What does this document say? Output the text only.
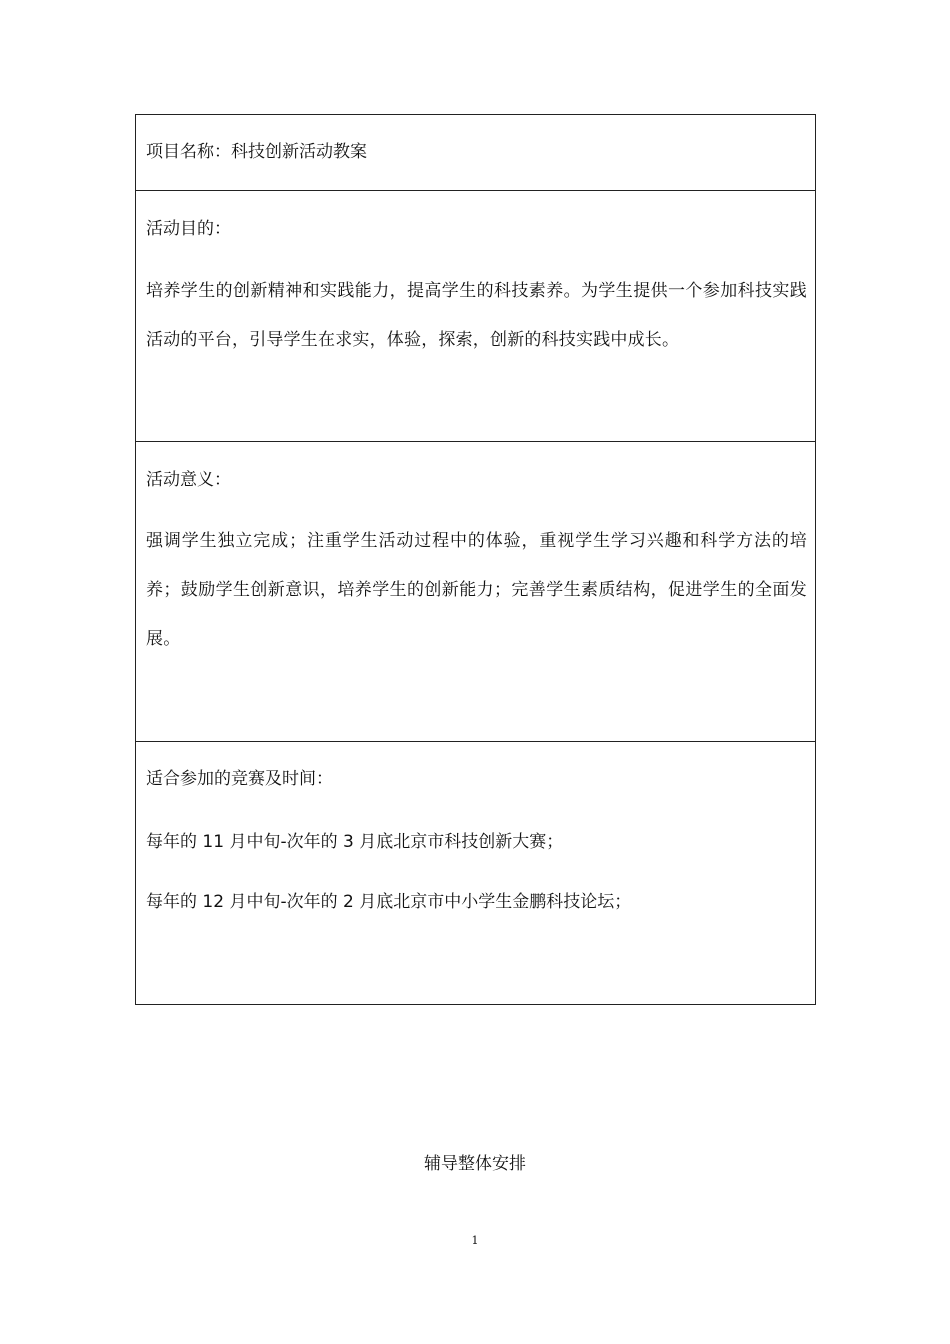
项目名称：科技创新活动教案
活动目的：
培养学生的创新精神和实践能力，提高学生的科技素养。为学生提供一个参加科技实践活动的平台，引导学生在求实，体验，探索，创新的科技实践中成长。
活动意义：
强调学生独立完成；注重学生活动过程中的体验，重视学生学习兴趣和科学方法的培养；鼓励学生创新意识，培养学生的创新能力；完善学生素质结构，促进学生的全面发展。
适合参加的竞赛及时间：
每年的 11 月中旬-次年的 3 月底北京市科技创新大赛；
每年的 12 月中旬-次年的 2 月底北京市中小学生金鹏科技论坛；
辅导整体安排
1
